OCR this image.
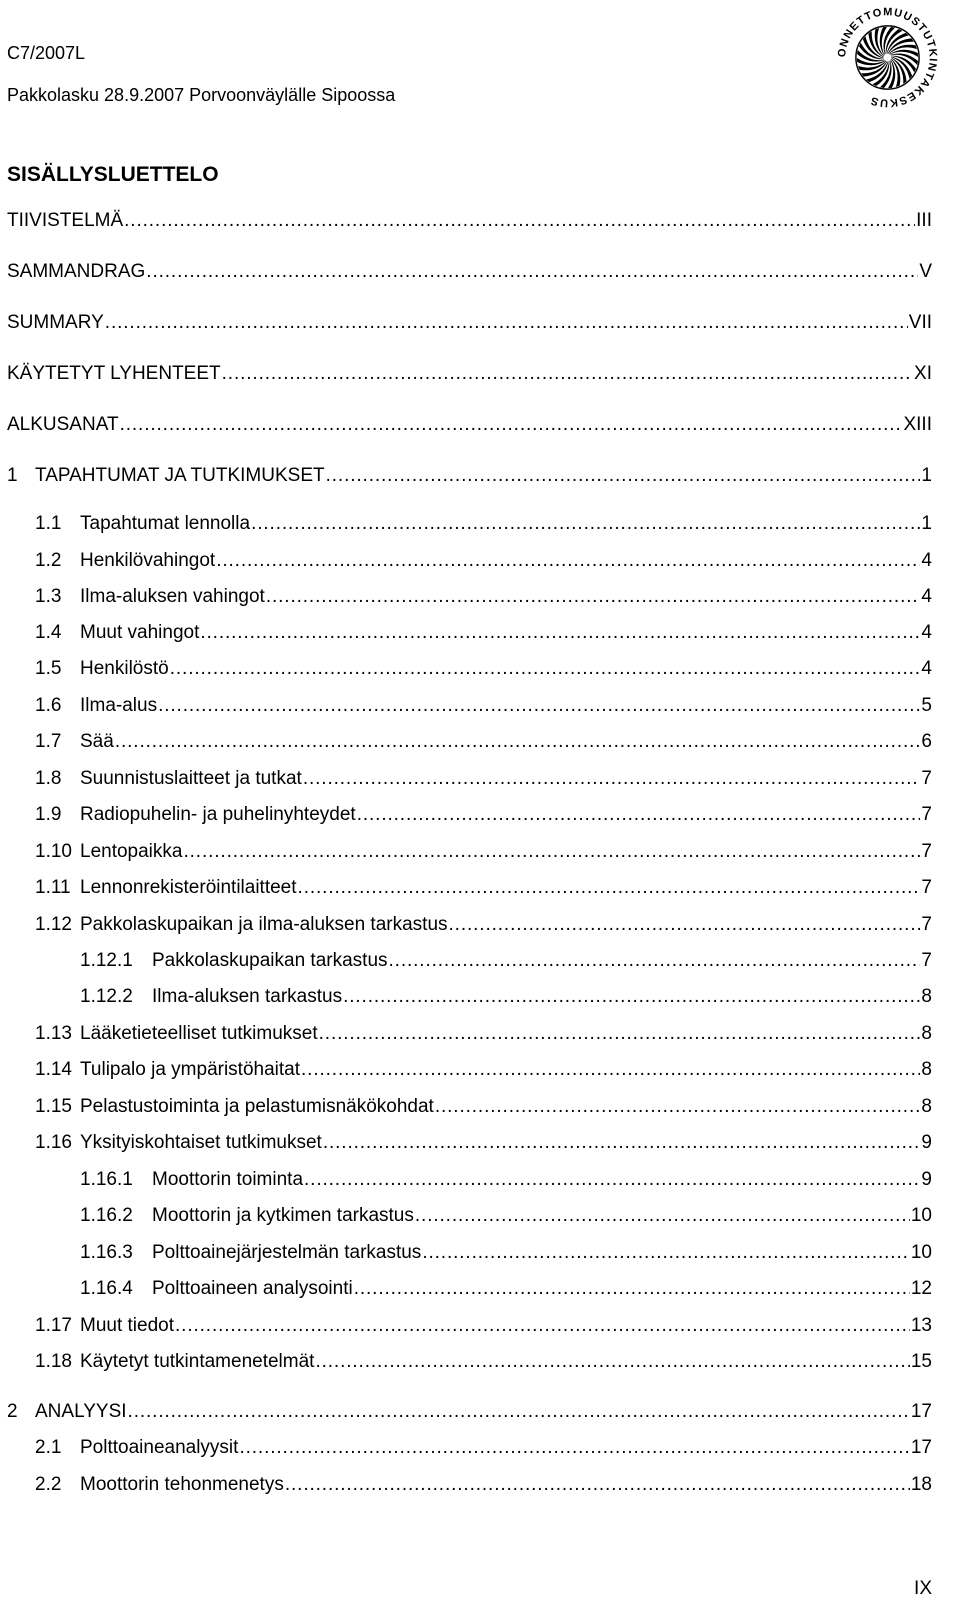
C7/2007L
Pakkolasku 28.9.2007 Porvoonväylälle Sipoossa
ONNETTOMUUSTUTKINTAKESKUS
SISÄLLYSLUETTELO
TIIVISTELMÄ . . .	III
SAMMANDRAG . . .	V
SUMMARY . . .	VII
KÄYTETYT LYHENTEET . . .	XI
ALKUSANAT . . .	XIII
1 TAPAHTUMAT JA TUTKIMUKSET . . .	1
1.1 Tapahtumat lennolla . . .	1
1.2 Henkilövahingot . . .	4
1.3 Ilma-aluksen vahingot . . .	4
1.4 Muut vahingot . . .	4
1.5 Henkilöstö . . .	4
1.6 Ilma-alus . . .	5
1.7 Sää . . .	6
1.8 Suunnistuslaitteet ja tutkat . . .	7
1.9 Radiopuhelin- ja puhelinyhteydet . . .	7
1.10 Lentopaikka . . .	7
1.11 Lennonrekisteröintilaitteet . . .	7
1.12 Pakkolaskupaikan ja ilma-aluksen tarkastus . . .	7
1.12.1	Pakkolaskupaikan tarkastus . . .	7
1.12.2	Ilma-aluksen tarkastus . . .	8
1.13 Lääketieteelliset tutkimukset . . .	8
1.14 Tulipalo ja ympäristöhaitat . . .	8
1.15 Pelastustoiminta ja pelastumisnäkökohdat . . .	8
1.16 Yksityiskohtaiset tutkimukset . . .	9
1.16.1	Moottorin toiminta . . .	9
1.16.2	Moottorin ja kytkimen tarkastus . . .	10
1.16.3	Polttoainejärjestelmän tarkastus . . .	10
1.16.4	Polttoaineen analysointi . . .	12
1.17 Muut tiedot . . .	13
1.18 Käytetyt tutkintamenetelmät . . .	15
2 ANALYYSI . . .	17
2.1 Polttoaineanalyysit . . .	17
2.2 Moottorin tehonmenetys . . .	18
IX
